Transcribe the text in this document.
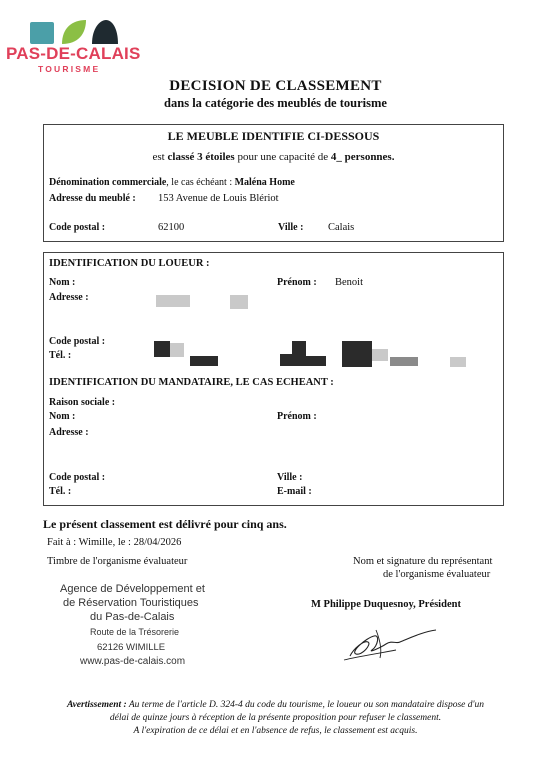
PAS-DE-CALAIS
TOURISME
DECISION DE CLASSEMENT
dans la catégorie des meublés de tourisme
LE MEUBLE IDENTIFIE CI-DESSOUS
est classé 3 étoiles pour une capacité de 4_ personnes.
Dénomination commerciale, le cas échéant : Maléna Home
Adresse du meublé : 153 Avenue de Louis Blériot
Code postal :	62100	Ville : Calais
IDENTIFICATION DU LOUEUR :
Nom :	Prénom : Benoit
Adresse :
Code postal :
Tél. :
IDENTIFICATION DU MANDATAIRE, LE CAS ECHEANT :
Raison sociale :
Nom :	Prénom :
Adresse :
Code postal :	Ville :
Tél. :	E-mail :
Le présent classement est délivré pour cinq ans.
Fait à : Wimille, le : 28/04/2026
Timbre de l'organisme évaluateur	Nom et signature du représentant
de l'organisme évaluateur
Agence de Développement et
de Réservation Touristiques
du Pas-de-Calais
Route de la Trésorerie
62126 WIMILLE
www.pas-de-calais.com
M Philippe Duquesnoy, Président
Avertissement : Au terme de l'article D. 324-4 du code du tourisme, le loueur ou son mandataire dispose d'un
délai de quinze jours à réception de la présente proposition pour refuser le classement.
A l'expiration de ce délai et en l'absence de refus, le classement est acquis.
